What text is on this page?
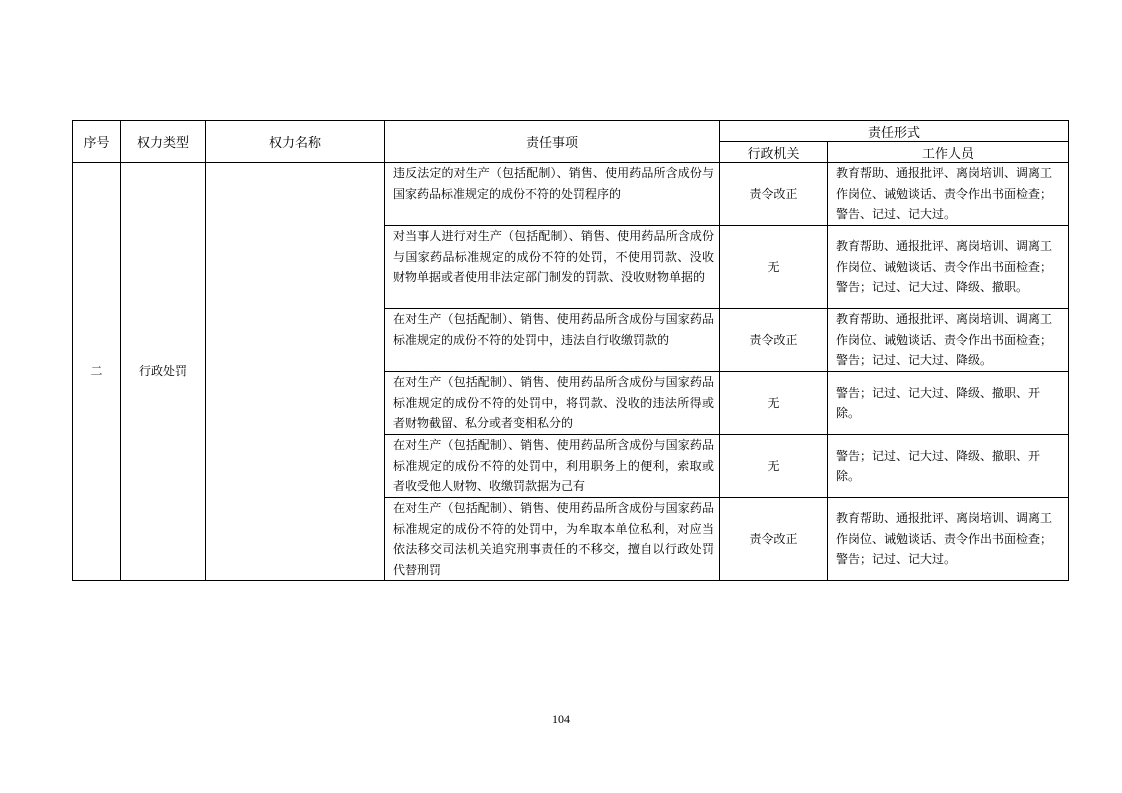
序号	权力类型	权力名称	责任事项	责任形式	
				行政机关	工作人员
二	行政处罚		违反法定的对生产（包括配制）、销售、使用药品所含成份与国家药品标准规定的成份不符的处罚程序的	责令改正	教育帮助、通报批评、离岗培训、调离工作岗位、诫勉谈话、责令作出书面检查；警告、记过、记大过。
			对当事人进行对生产（包括配制）、销售、使用药品所含成份与国家药品标准规定的成份不符的处罚，不使用罚款、没收财物单据或者使用非法定部门制发的罚款、没收财物单据的	无	教育帮助、通报批评、离岗培训、调离工作岗位、诫勉谈话、责令作出书面检查；警告；记过、记大过、降级、撤职。
			在对生产（包括配制）、销售、使用药品所含成份与国家药品标准规定的成份不符的处罚中，违法自行收缴罚款的	责令改正	教育帮助、通报批评、离岗培训、调离工作岗位、诫勉谈话、责令作出书面检查；警告；记过、记大过、降级。
			在对生产（包括配制）、销售、使用药品所含成份与国家药品标准规定的成份不符的处罚中，将罚款、没收的违法所得或者财物截留、私分或者变相私分的	无	警告；记过、记大过、降级、撤职、开除。
			在对生产（包括配制）、销售、使用药品所含成份与国家药品标准规定的成份不符的处罚中，利用职务上的便利，索取或者收受他人财物、收缴罚款据为己有	无	警告；记过、记大过、降级、撤职、开除。
			在对生产（包括配制）、销售、使用药品所含成份与国家药品标准规定的成份不符的处罚中，为牟取本单位私利，对应当依法移交司法机关追究刑事责任的不移交，擅自以行政处罚代替刑罚	责令改正	教育帮助、通报批评、离岗培训、调离工作岗位、诫勉谈话、责令作出书面检查；警告；记过、记大过。
104
